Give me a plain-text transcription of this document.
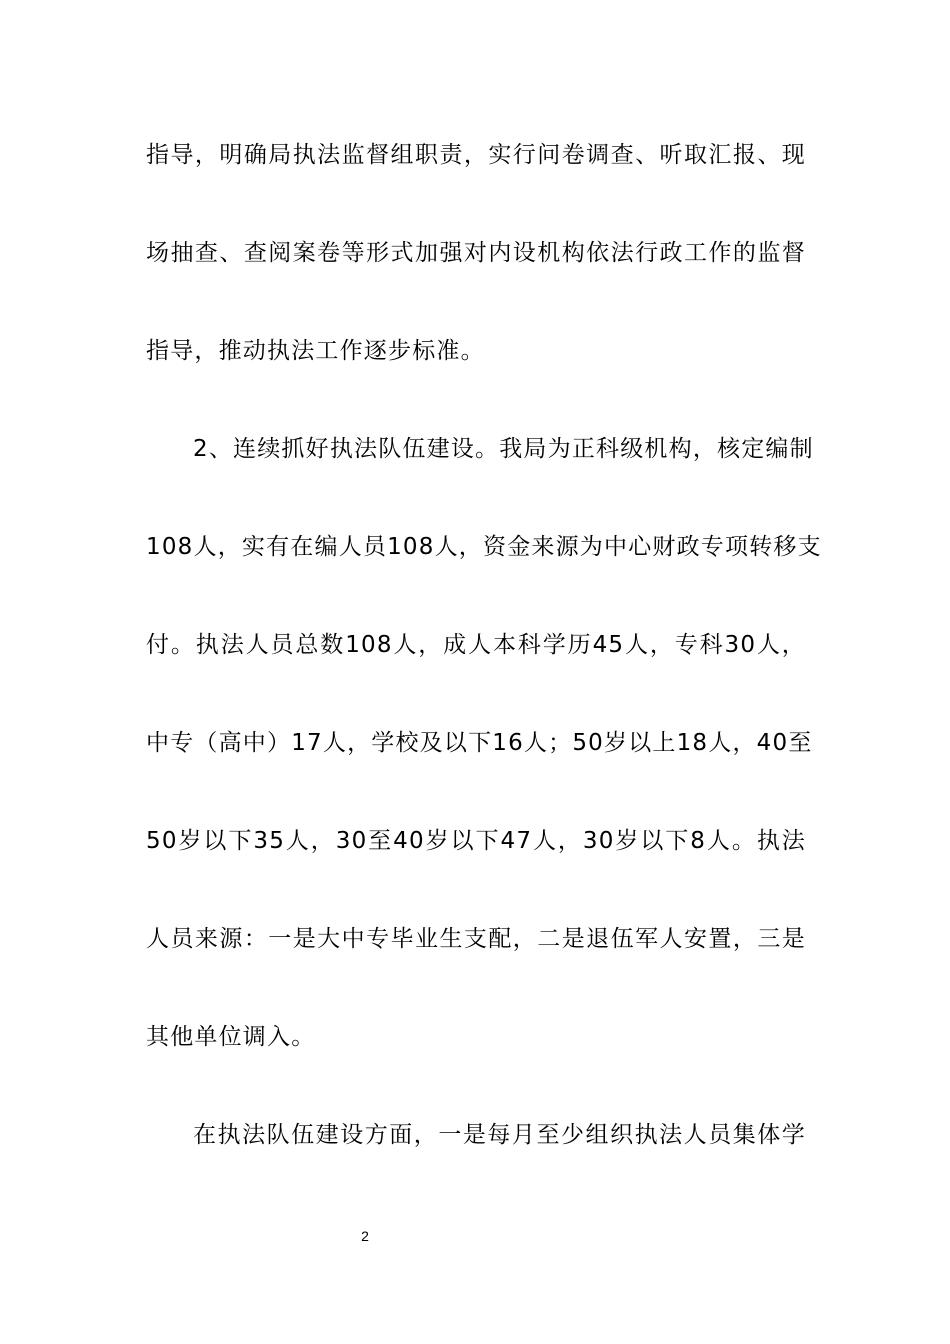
指导，明确局执法监督组职责，实行问卷调查、听取汇报、现
场抽查、查阅案卷等形式加强对内设机构依法行政工作的监督
指导，推动执法工作逐步标准。
2、连续抓好执法队伍建设。我局为正科级机构，核定编制
108人，实有在编人员108人，资金来源为中心财政专项转移支
付。执法人员总数108人，成人本科学历45人，专科30人，
中专（高中）17人，学校及以下16人；50岁以上18人，40至
50岁以下35人，30至40岁以下47人，30岁以下8人。执法
人员来源：一是大中专毕业生支配，二是退伍军人安置，三是
其他单位调入。
在执法队伍建设方面，一是每月至少组织执法人员集体学
2
